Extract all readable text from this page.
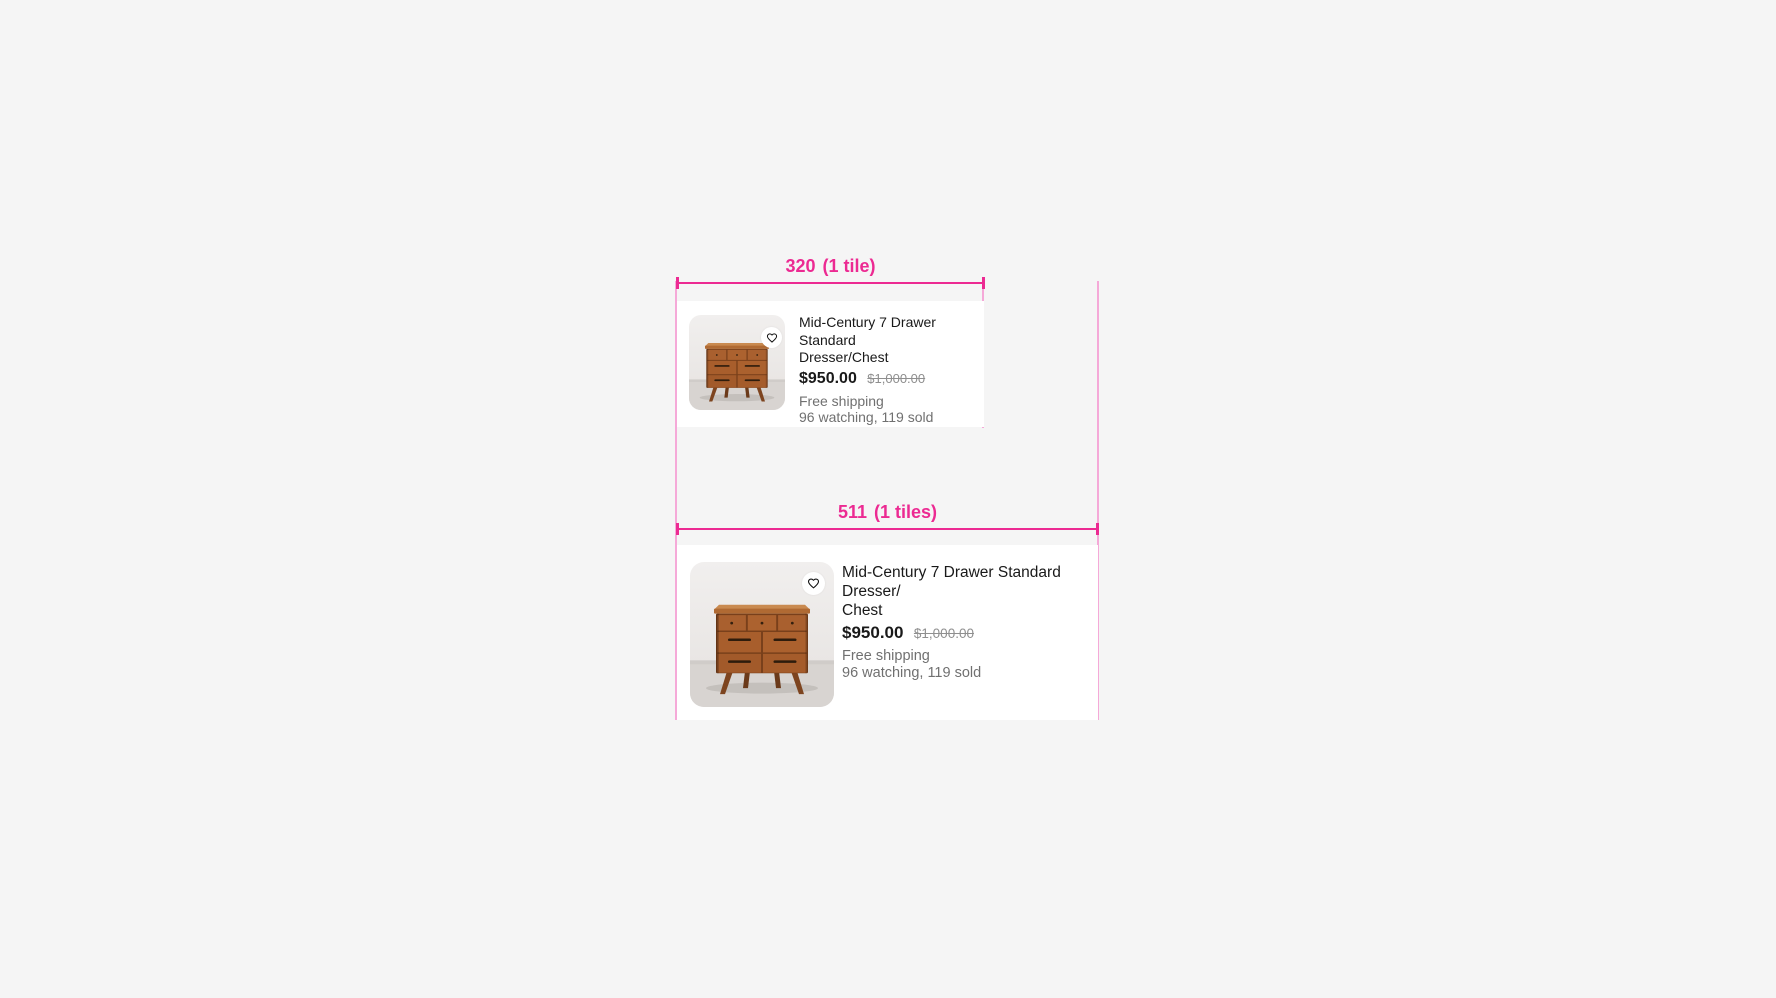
320 (1 tile)
511 (1 tiles)
Mid-Century 7 Drawer Standard
Dresser/Chest
$950.00 $1,000.00
Free shipping
96 watching, 119 sold
Mid-Century 7 Drawer Standard Dresser/
Chest
$950.00 $1,000.00
Free shipping
96 watching, 119 sold
